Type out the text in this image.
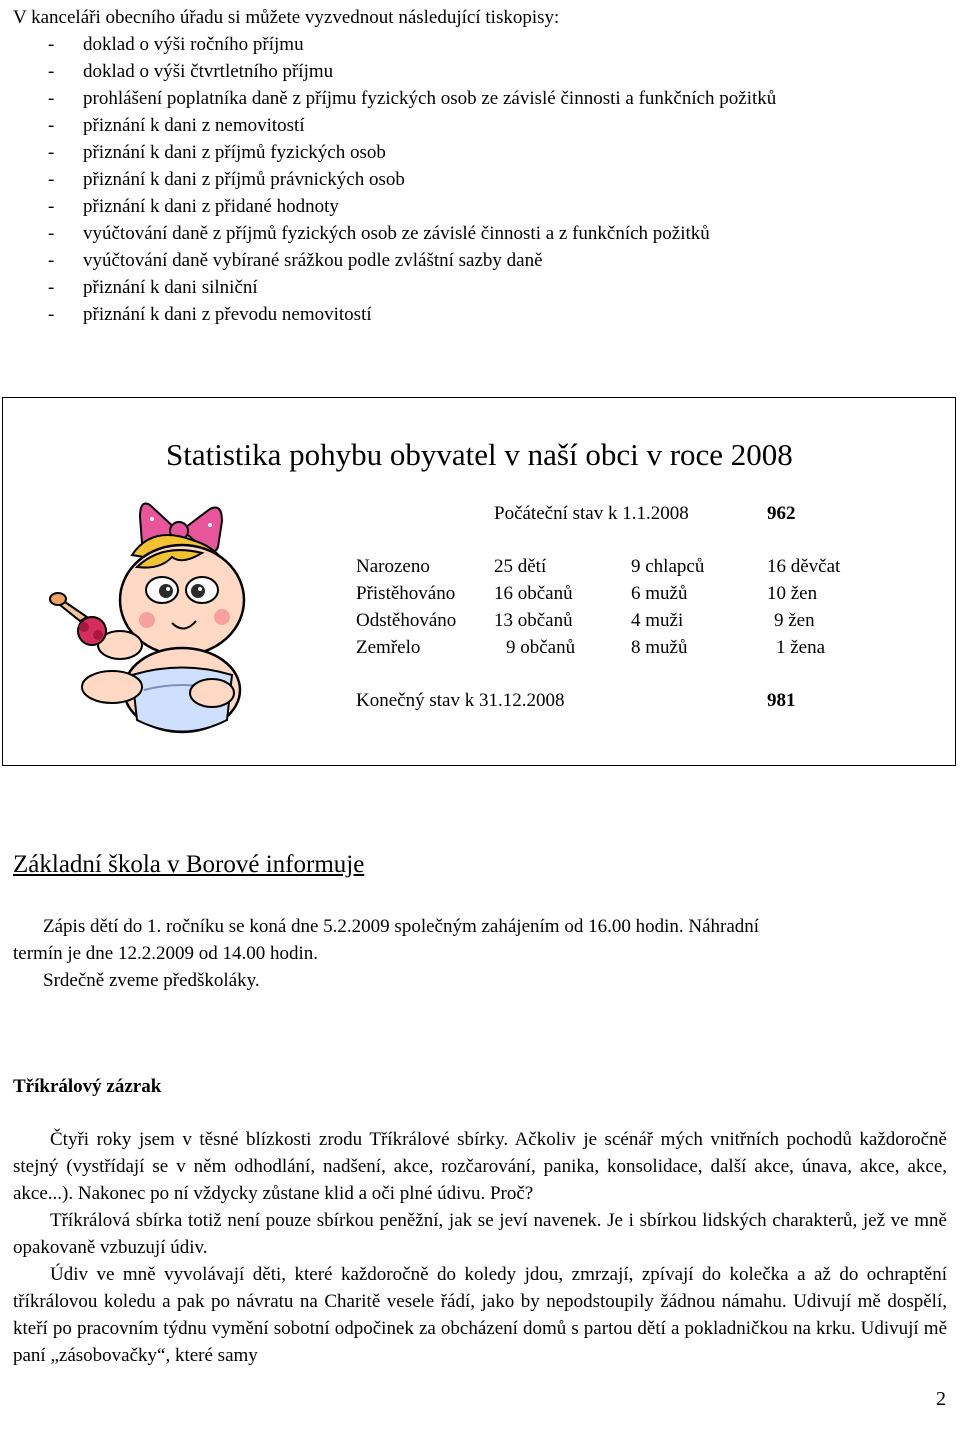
V kanceláři obecního úřadu si můžete vyzvednout následující tiskopisy:
- doklad o výši ročního příjmu
- doklad o výši čtvrtletního příjmu
- prohlášení poplatníka daně z příjmu fyzických osob ze závislé činnosti a funkčních požitků
- přiznání k dani z nemovitostí
- přiznání k dani z příjmů fyzických osob
- přiznání k dani z příjmů právnických osob
- přiznání k dani z přidané hodnoty
- vyúčtování daně z příjmů fyzických osob ze závislé činnosti a z funkčních požitků
- vyúčtování daně vybírané srážkou podle zvláštní sazby daně
- přiznání k dani silniční
- přiznání k dani z převodu nemovitostí
Statistika pohybu obyvatel v naší obci v roce 2008
Počáteční stav k 1.1.2008	962
Narozeno	25 dětí	9 chlapců	16 děvčat
Přistěhováno 16 občanů	6 mužů	10 žen
Odstěhováno 13 občanů	4 muži	9 žen
Zemřelo	9 občanů	8 mužů	1 žena
Konečný stav k 31.12.2008	981
Základní škola v Borové informuje

Zápis dětí do 1. ročníku se koná dne 5.2.2009 společným zahájením od 16.00 hodin. Náhradní

termín je dne 12.2.2009 od 14.00 hodin.

Srdečně zveme předškoláky.

Tříkrálový zázrak

Čtyři roky jsem v těsné blízkosti zrodu Tříkrálové sbírky. Ačkoliv je scénář mých vnitřních pochodů každoročně stejný (vystřídají se v něm odhodlání, nadšení, akce, rozčarování, panika, konsolidace, další akce, únava, akce, akce, akce...). Nakonec po ní vždycky zůstane klid a oči plné údivu. Proč?

Tříkrálová sbírka totiž není pouze sbírkou peněžní, jak se jeví navenek. Je i sbírkou lidských charakterů, jež ve mně opakovaně vzbuzují údiv.

Údiv ve mně vyvolávají děti, které každoročně do koledy jdou, zmrzají, zpívají do kolečka a až do ochraptění tříkrálovou koledu a pak po návratu na Charitě vesele řádí, jako by nepodstoupily žádnou námahu. Udivují mě dospělí, kteří po pracovním týdnu vymění sobotní odpočinek za obcházení domů s partou dětí a pokladničkou na krku. Udivují mě paní „zásobovačky“, které samy

2
